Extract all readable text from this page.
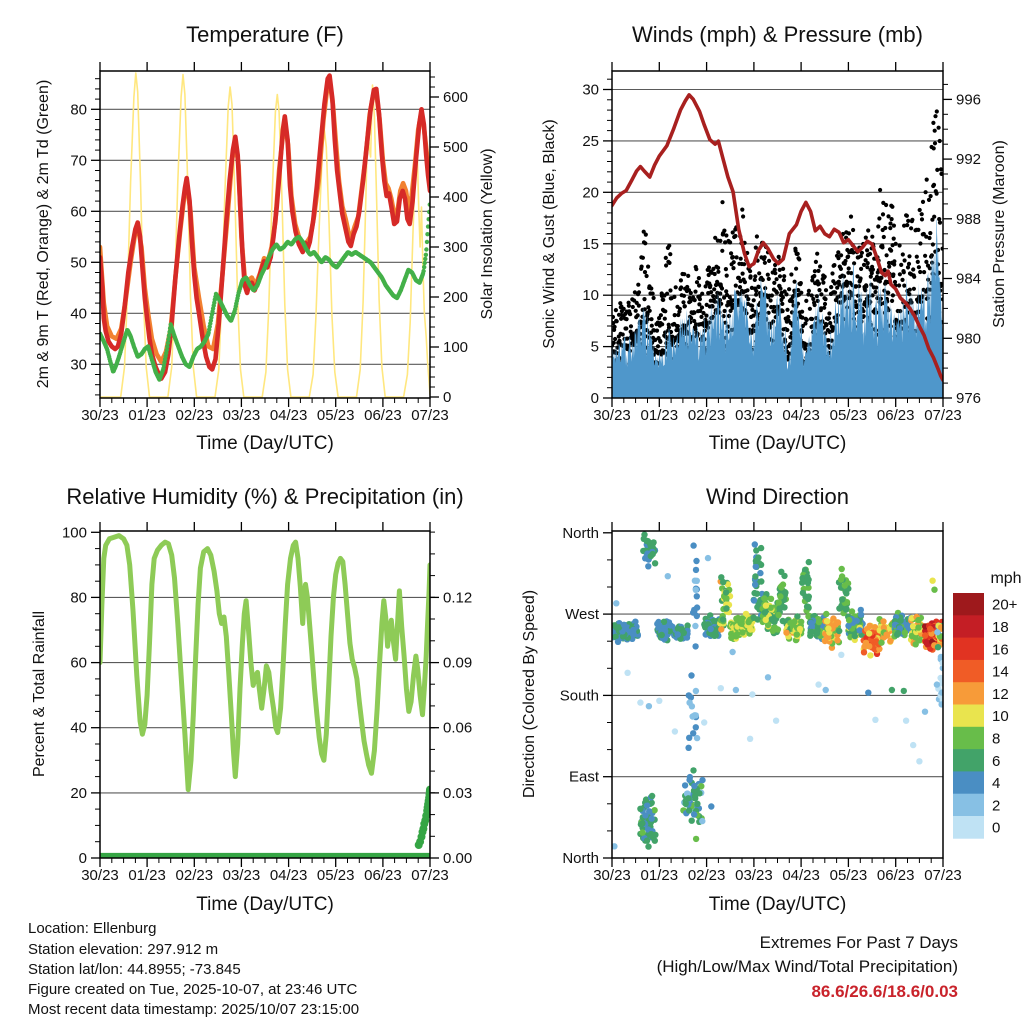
30/23 01/23 02/23 03/23 04/23 05/23 06/23 07/23
30
40
50
60
70
80
0
100
200
300
400
500
600
30/23 01/23 02/23 03/23 04/23 05/23 06/23 07/23
0
5
10
15
20
25
30
976
980
984
988
992
996
30/23 01/23 02/23 03/23 04/23 05/23 06/23 07/23
0
20
40
60
80
100
0.00
0.03
0.06
0.09
0.12
30/23 01/23 02/23 03/23 04/23 05/23 06/23 07/23
North
East
South
West
North
20+
18
16
14
12
10
8
6
4
2
0
Temperature (F)	Winds (mph) & Pressure (mb)
Relative Humidity (%) & Precipitation (in)	Wind Direction
Time (Day/UTC)	Time (Day/UTC)
Time (Day/UTC)	Time (Day/UTC)
2m & 9m T (Red, Orange) & 2m Td (Green)	Solar Insolation (Yellow)	Sonic Wind & Gust (Blue, Black)	Station Pressure (Maroon)
Percent & Total Rainfall	Direction (Colored By Speed)
mph
Location: Ellenburg
Station elevation: 297.912 m
Station lat/lon: 44.8955; -73.845
Figure created on Tue, 2025-10-07, at 23:46 UTC
Most recent data timestamp: 2025/10/07 23:15:00
Extremes For Past 7 Days
(High/Low/Max Wind/Total Precipitation)
86.6/26.6/18.6/0.03
